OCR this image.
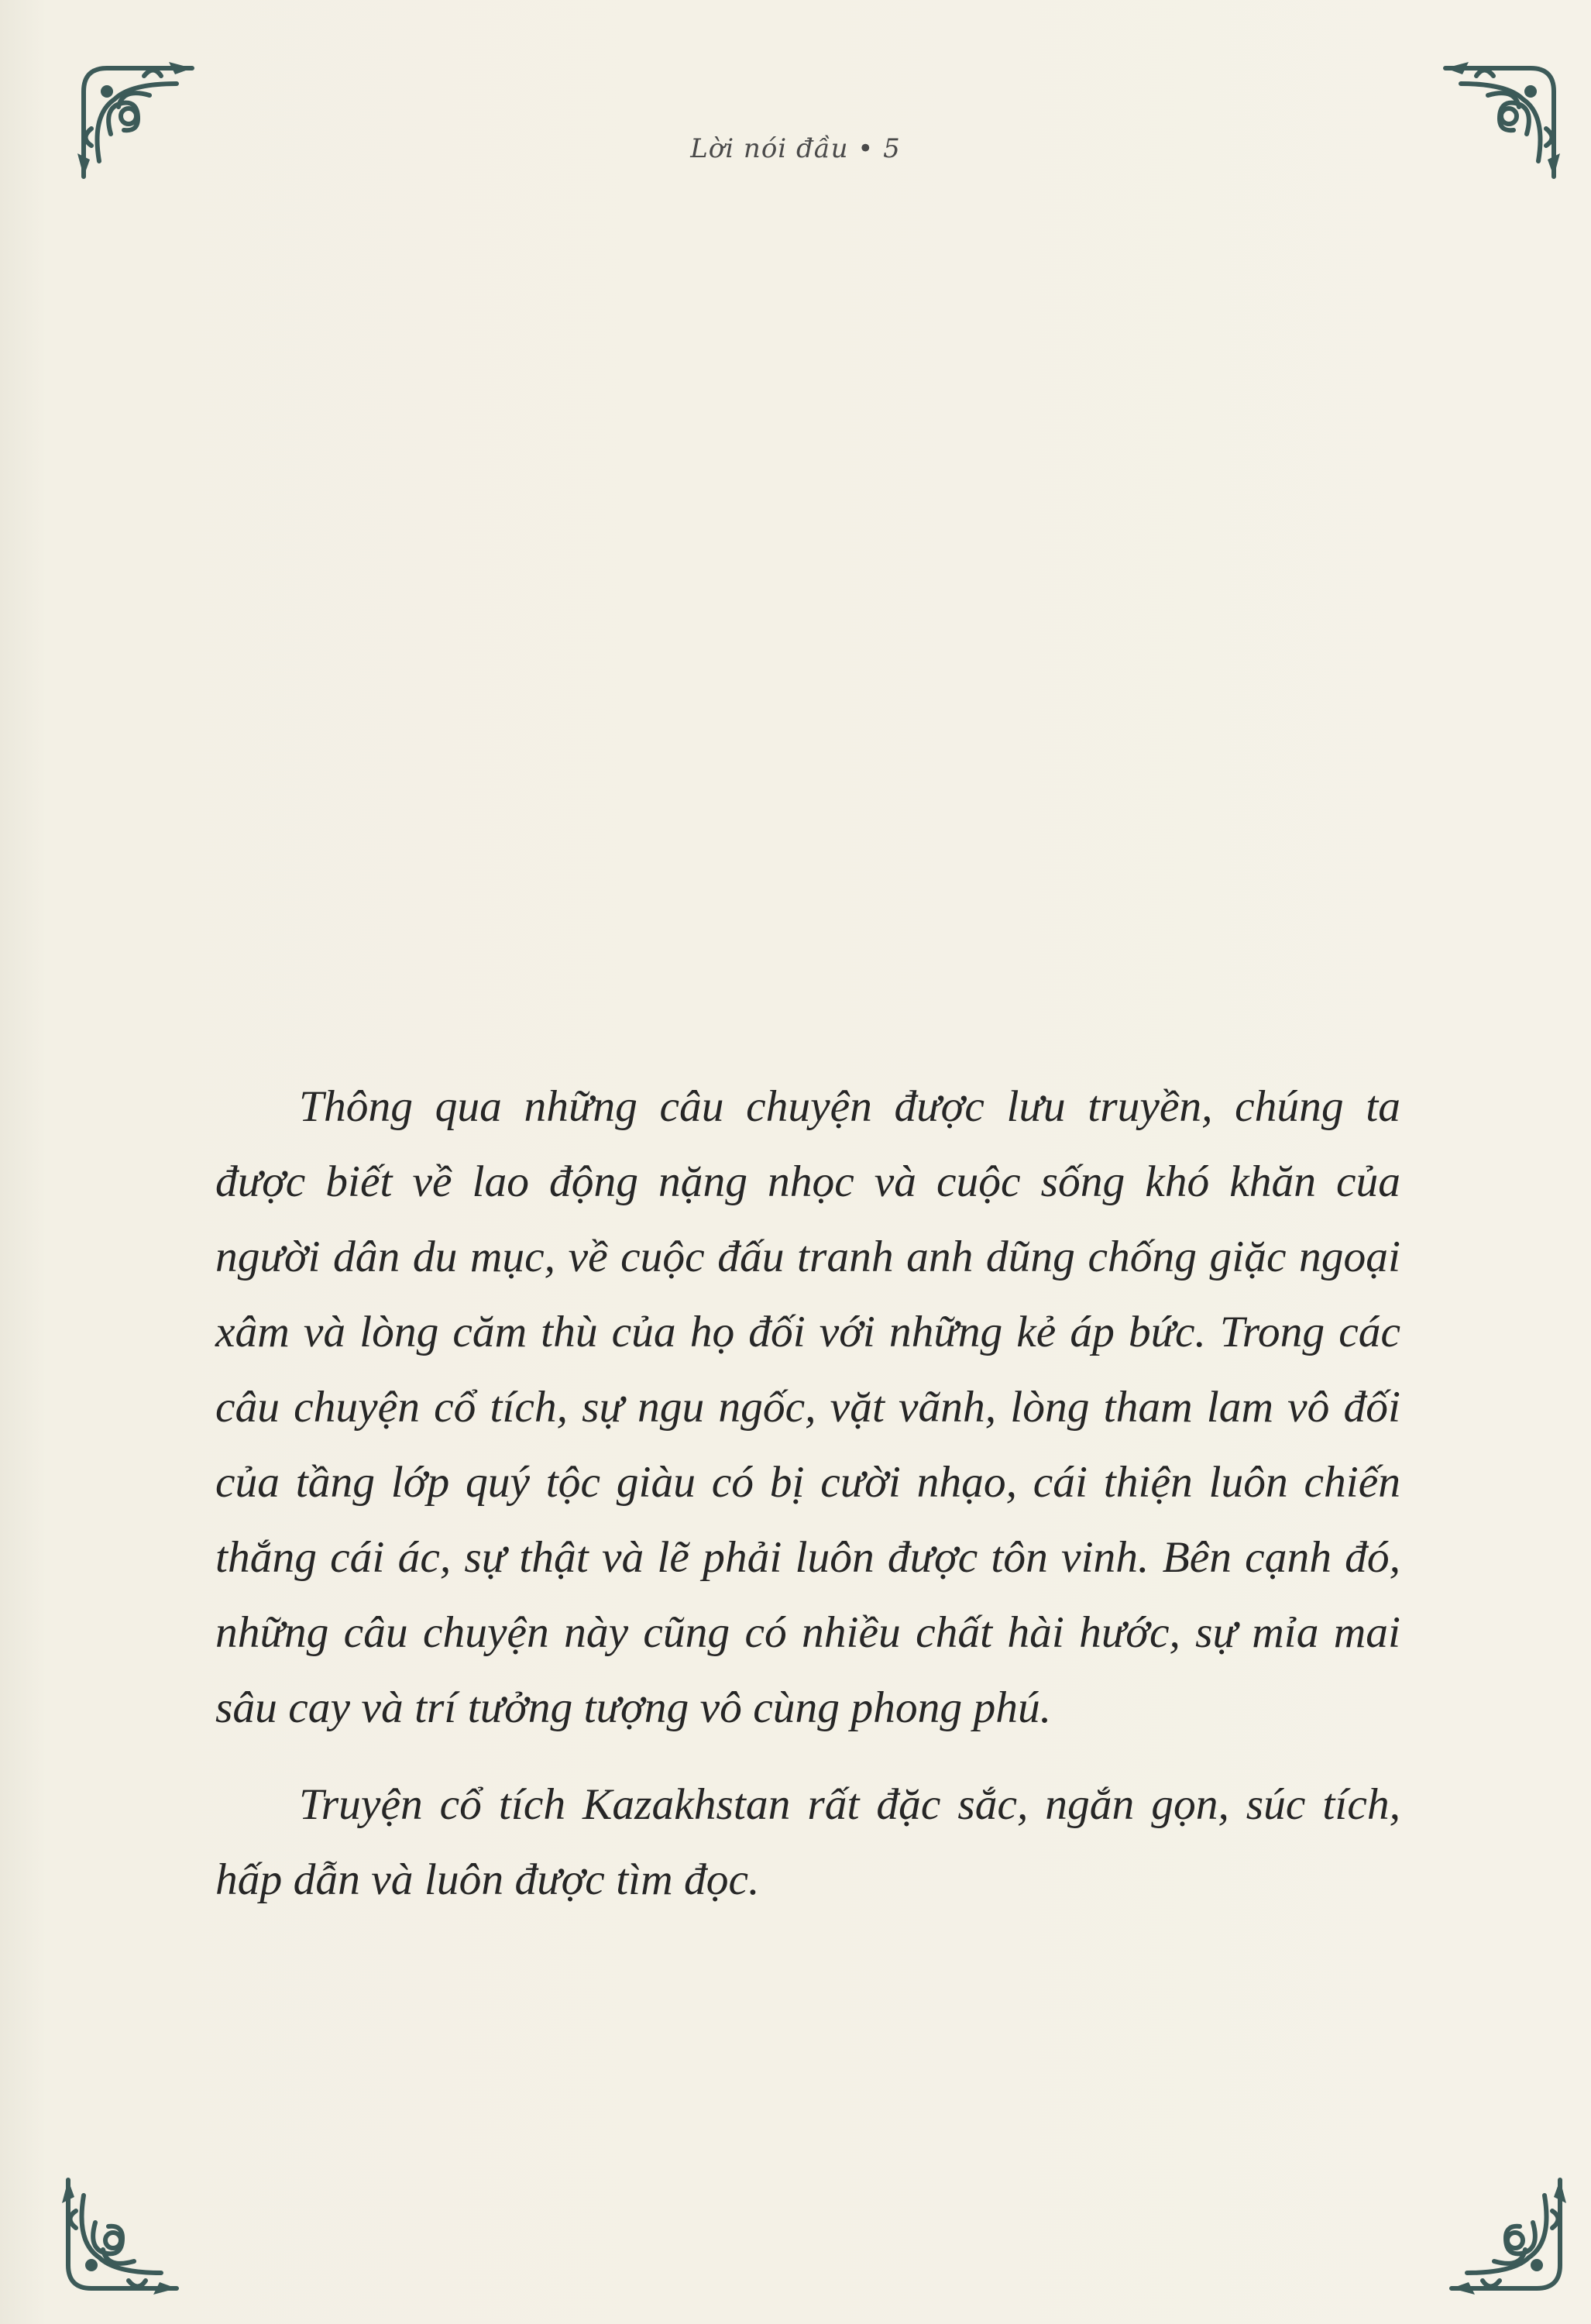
Lời nói đầu • 5

Thông qua những câu chuyện được lưu truyền, chúng ta được biết về lao động nặng nhọc và cuộc sống khó khăn của người dân du mục, về cuộc đấu tranh anh dũng chống giặc ngoại xâm và lòng căm thù của họ đối với những kẻ áp bức. Trong các câu chuyện cổ tích, sự ngu ngốc, vặt vãnh, lòng tham lam vô đối của tầng lớp quý tộc giàu có bị cười nhạo, cái thiện luôn chiến thắng cái ác, sự thật và lẽ phải luôn được tôn vinh. Bên cạnh đó, những câu chuyện này cũng có nhiều chất hài hước, sự mỉa mai sâu cay và trí tưởng tượng vô cùng phong phú.

Truyện cổ tích Kazakhstan rất đặc sắc, ngắn gọn, súc tích, hấp dẫn và luôn được tìm đọc.
